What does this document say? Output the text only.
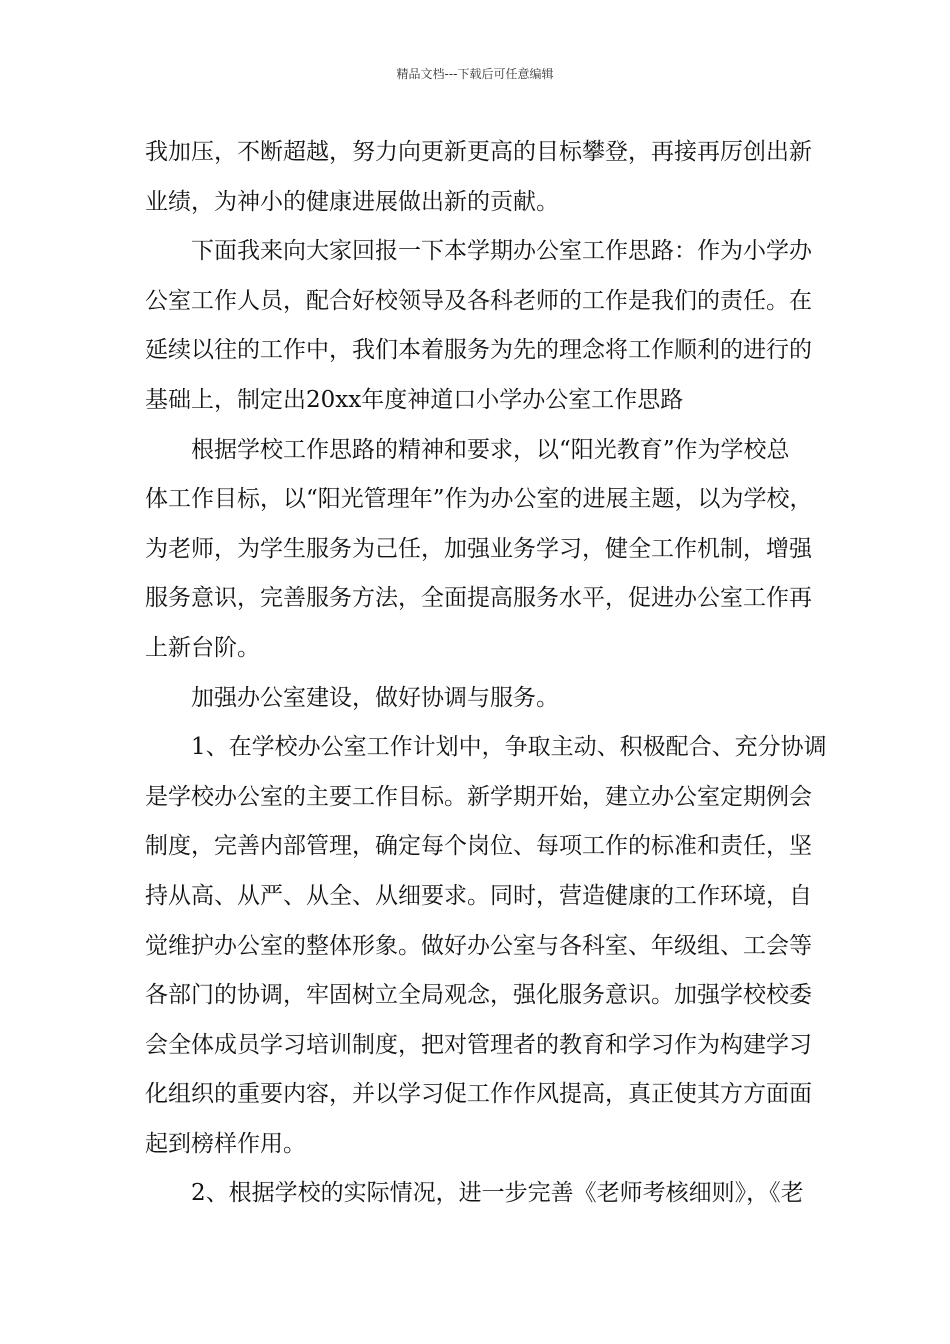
精品文档---下载后可任意编辑
我加压，不断超越，努力向更新更高的目标攀登，再接再厉创出新
业绩，为神小的健康进展做出新的贡献。
下面我来向大家回报一下本学期办公室工作思路：作为小学办
公室工作人员，配合好校领导及各科老师的工作是我们的责任。在
延续以往的工作中，我们本着服务为先的理念将工作顺利的进行的
基础上，制定出20xx年度神道口小学办公室工作思路
根据学校工作思路的精神和要求，以“阳光教育”作为学校总
体工作目标，以“阳光管理年”作为办公室的进展主题，以为学校，
为老师，为学生服务为己任，加强业务学习，健全工作机制，增强
服务意识，完善服务方法，全面提高服务水平，促进办公室工作再
上新台阶。
加强办公室建设，做好协调与服务。
1、在学校办公室工作计划中，争取主动、积极配合、充分协调
是学校办公室的主要工作目标。新学期开始，建立办公室定期例会
制度，完善内部管理，确定每个岗位、每项工作的标准和责任，坚
持从高、从严、从全、从细要求。同时，营造健康的工作环境，自
觉维护办公室的整体形象。做好办公室与各科室、年级组、工会等
各部门的协调，牢固树立全局观念，强化服务意识。加强学校校委
会全体成员学习培训制度，把对管理者的教育和学习作为构建学习
化组织的重要内容，并以学习促工作作风提高，真正使其方方面面
起到榜样作用。
2、根据学校的实际情况，进一步完善《老师考核细则》，《老
